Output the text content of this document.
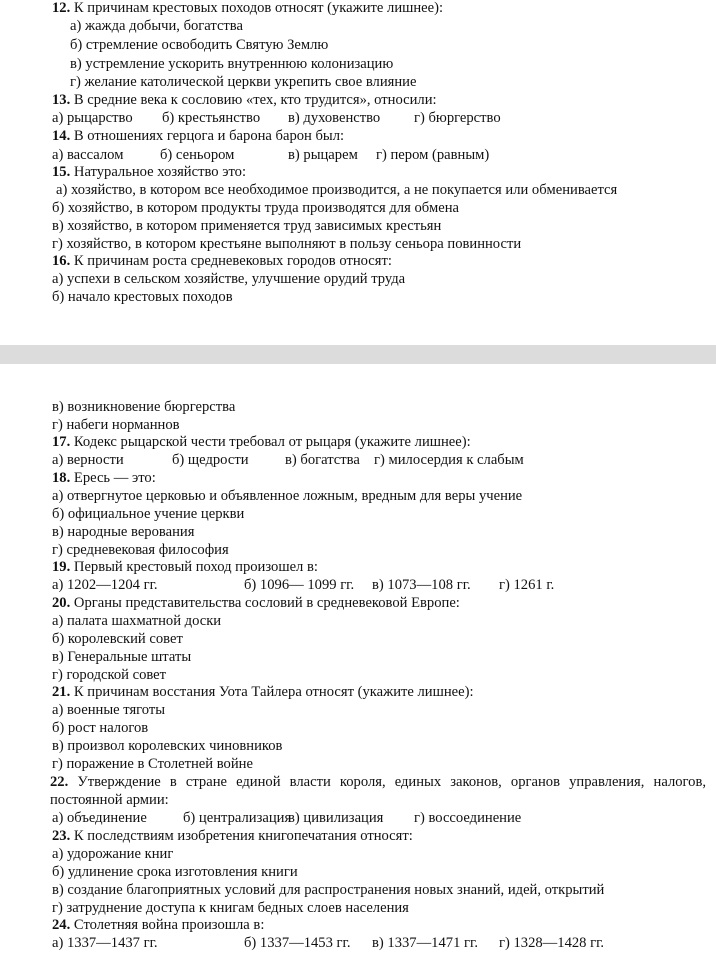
12. К причинам крестовых походов относят (укажите лишнее):
а) жажда добычи, богатства
б) стремление освободить Святую Землю
в) устремление ускорить внутреннюю колонизацию
г) желание католической церкви укрепить свое влияние
13. В средние века к сословию «тех, кто трудится», относили:
а) рыцарство б) крестьянство в) духовенство г) бюргерство
14. В отношениях герцога и барона барон был:
а) вассалом	б) сеньором	в) рыцарем г) пером (равным)
15. Натуральное хозяйство это:
а) хозяйство, в котором все необходимое производится, а не покупается или обменивается
б) хозяйство, в котором продукты труда производятся для обмена
в) хозяйство, в котором применяется труд зависимых крестьян
г) хозяйство, в котором крестьяне выполняют в пользу сеньора повинности
16. К причинам роста средневековых городов относят:
а) успехи в сельском хозяйстве, улучшение орудий труда
б) начало крестовых походов
в) возникновение бюргерства
г) набеги норманнов
17. Кодекс рыцарской чести требовал от рыцаря (укажите лишнее):
а) верности	б) щедрости в) богатства г) милосердия к слабым
18. Ересь — это:
а) отвергнутое церковью и объявленное ложным, вредным для веры учение
б) официальное учение церкви
в) народные верования
г) средневековая философия
19. Первый крестовый поход произошел в:
а) 1202—1204 гг.	б) 1096— 1099 гг. в) 1073—108 гг. г) 1261 г.
20. Органы представительства сословий в средневековой Европе:
а) палата шахматной доски
б) королевский совет
в) Генеральные штаты
г) городской совет
21. К причинам восстания Уота Тайлера относят (укажите лишнее):
а) военные тяготы
б) рост налогов
в) произвол королевских чиновников
г) поражение в Столетней войне
22. Утверждение в стране единой власти короля, единых законов, органов управления, налогов, постоянной армии:
а) объединение б) централизация
в) цивилизация г) воссоединение
23. К последствиям изобретения книгопечатания относят:
а) удорожание книг
б) удлинение срока изготовления книги
в) создание благоприятных условий для распространения новых знаний, идей, открытий
г) затруднение доступа к книгам бедных слоев населения
24. Столетняя война произошла в:
а) 1337—1437 гг.	б) 1337—1453 гг. в) 1337—1471 гг. г) 1328—1428 гг.
